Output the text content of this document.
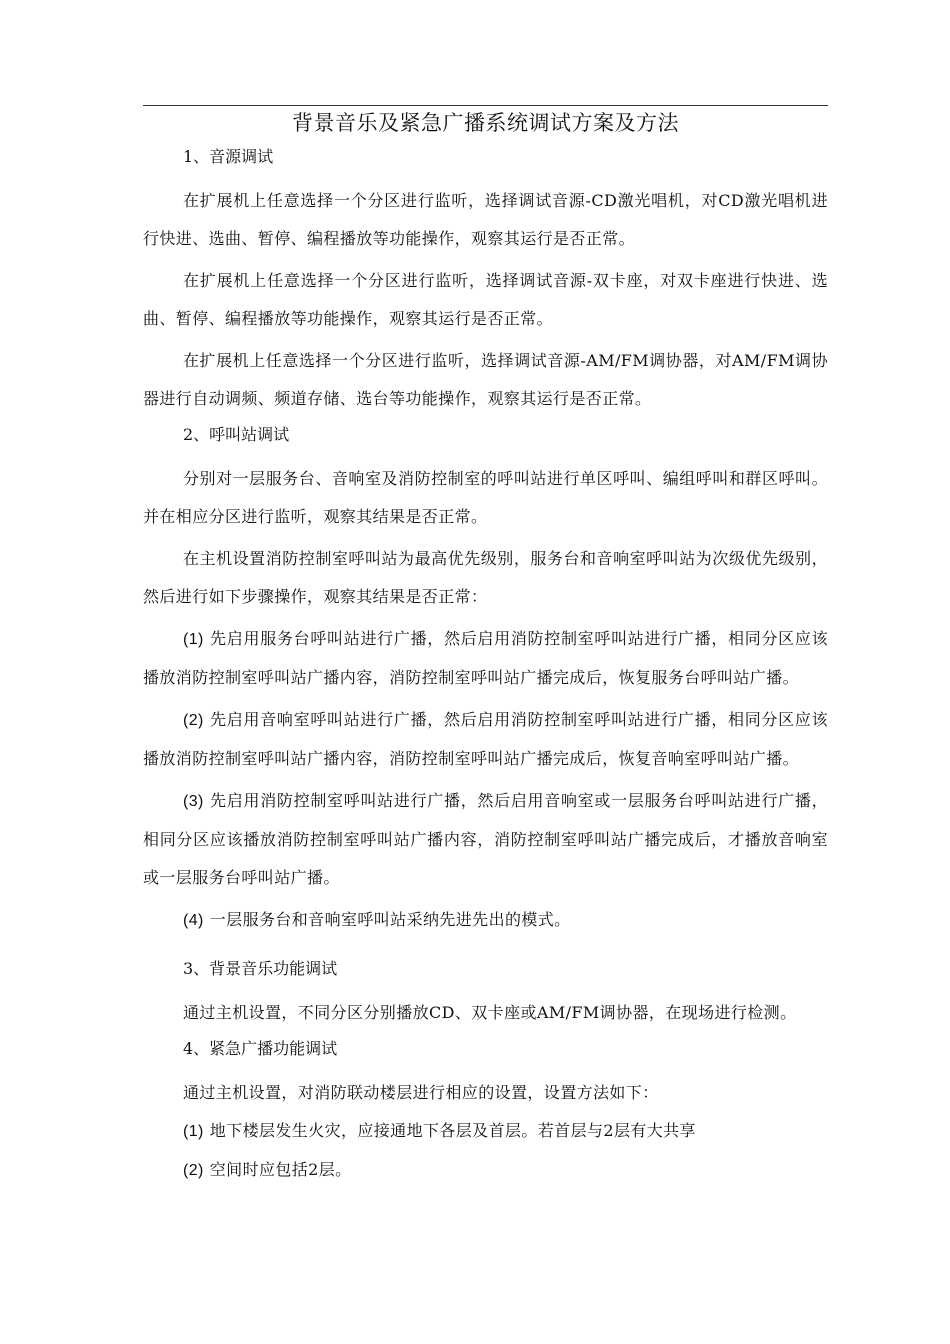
背景音乐及紧急广播系统调试方案及方法

1、音源调试

在扩展机上任意选择一个分区进行监听，选择调试音源-CD激光唱机，对CD激光唱机进行快进、选曲、暂停、编程播放等功能操作，观察其运行是否正常。

在扩展机上任意选择一个分区进行监听，选择调试音源-双卡座，对双卡座进行快进、选曲、暂停、编程播放等功能操作，观察其运行是否正常。

在扩展机上任意选择一个分区进行监听，选择调试音源-AM/FM调协器，对AM/FM调协器进行自动调频、频道存储、选台等功能操作，观察其运行是否正常。

2、呼叫站调试

分别对一层服务台、音响室及消防控制室的呼叫站进行单区呼叫、编组呼叫和群区呼叫。并在相应分区进行监听，观察其结果是否正常。

在主机设置消防控制室呼叫站为最高优先级别，服务台和音响室呼叫站为次级优先级别，然后进行如下步骤操作，观察其结果是否正常：

(1) 先启用服务台呼叫站进行广播，然后启用消防控制室呼叫站进行广播，相同分区应该播放消防控制室呼叫站广播内容，消防控制室呼叫站广播完成后，恢复服务台呼叫站广播。

(2) 先启用音响室呼叫站进行广播，然后启用消防控制室呼叫站进行广播，相同分区应该播放消防控制室呼叫站广播内容，消防控制室呼叫站广播完成后，恢复音响室呼叫站广播。

(3) 先启用消防控制室呼叫站进行广播，然后启用音响室或一层服务台呼叫站进行广播，相同分区应该播放消防控制室呼叫站广播内容，消防控制室呼叫站广播完成后，才播放音响室或一层服务台呼叫站广播。

(4) 一层服务台和音响室呼叫站采纳先进先出的模式。

3、背景音乐功能调试

通过主机设置，不同分区分别播放CD、双卡座或AM/FM调协器，在现场进行检测。

4、紧急广播功能调试

通过主机设置，对消防联动楼层进行相应的设置，设置方法如下：

(1) 地下楼层发生火灾，应接通地下各层及首层。若首层与2层有大共享

(2) 空间时应包括2层。
